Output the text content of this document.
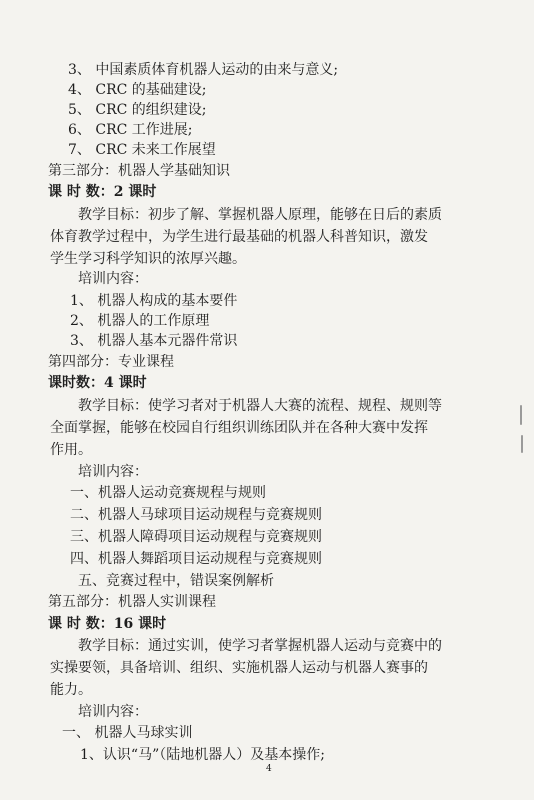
3、 中国素质体育机器人运动的由来与意义;
4、 CRC 的基础建设;
5、 CRC 的组织建设;
6、 CRC 工作进展;
7、 CRC 未来工作展望
第三部分：机器人学基础知识
课 时 数：2 课时
教学目标：初步了解、掌握机器人原理，能够在日后的素质
体育教学过程中，为学生进行最基础的机器人科普知识，激发
学生学习科学知识的浓厚兴趣。
培训内容：
1、 机器人构成的基本要件
2、 机器人的工作原理
3、 机器人基本元器件常识
第四部分：专业课程
课时数：4 课时
教学目标：使学习者对于机器人大赛的流程、规程、规则等
全面掌握，能够在校园自行组织训练团队并在各种大赛中发挥
作用。
培训内容：
一、机器人运动竞赛规程与规则
二、机器人马球项目运动规程与竞赛规则
三、机器人障碍项目运动规程与竞赛规则
四、机器人舞蹈项目运动规程与竞赛规则
五、竞赛过程中，错误案例解析
第五部分：机器人实训课程
课 时 数：16 课时
教学目标：通过实训，使学习者掌握机器人运动与竞赛中的
实操要领，具备培训、组织、实施机器人运动与机器人赛事的
能力。
培训内容：
一、 机器人马球实训
1、认识“马”（陆地机器人）及基本操作;
4
